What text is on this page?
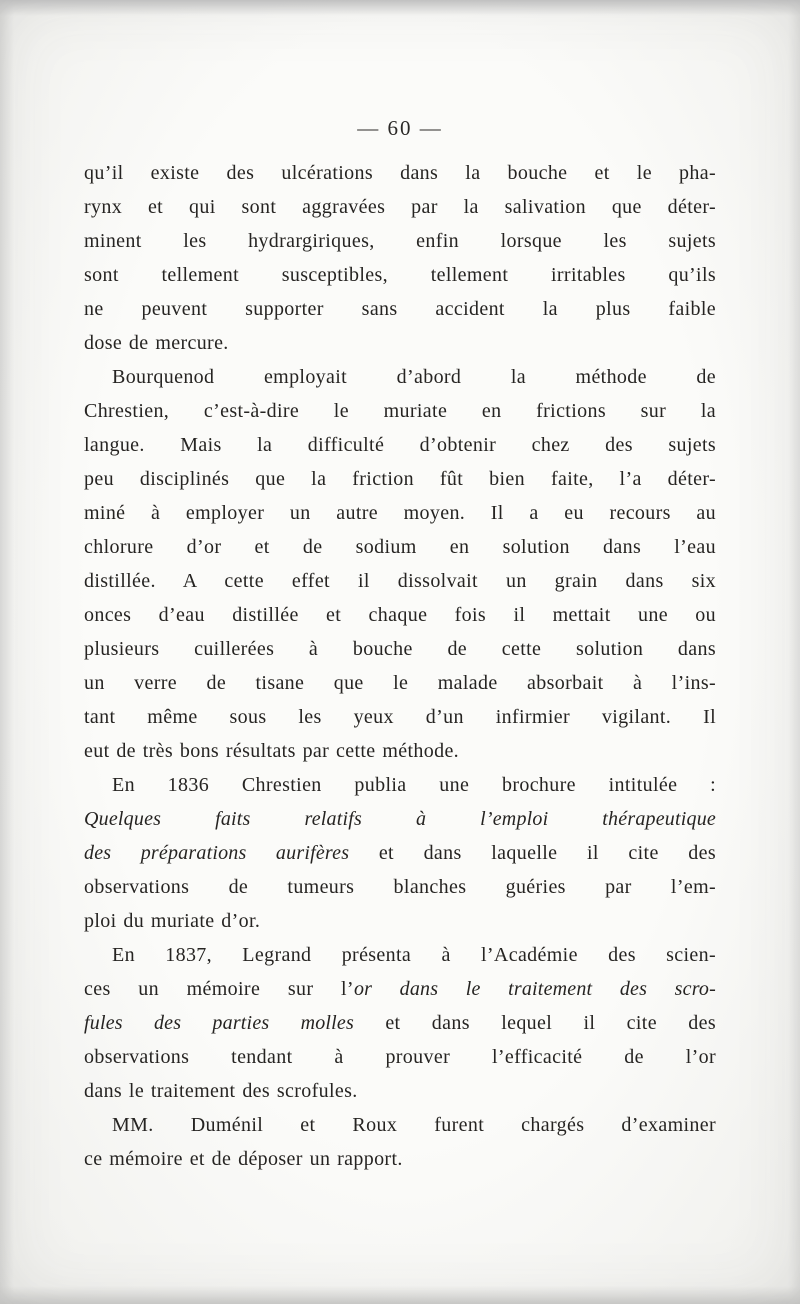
— 60 —

qu’il existe des ulcérations dans la bouche et le pha-
rynx et qui sont aggravées par la salivation que déter-
minent les hydrargiriques, enfin lorsque les sujets
sont tellement susceptibles, tellement irritables qu’ils
ne peuvent supporter sans accident la plus faible
dose de mercure.

Bourquenod employait d’abord la méthode de
Chrestien, c’est-à-dire le muriate en frictions sur la
langue. Mais la difficulté d’obtenir chez des sujets
peu disciplinés que la friction fût bien faite, l’a déter-
miné à employer un autre moyen. Il a eu recours au
chlorure d’or et de sodium en solution dans l’eau
distillée. A cette effet il dissolvait un grain dans six
onces d’eau distillée et chaque fois il mettait une ou
plusieurs cuillerées à bouche de cette solution dans
un verre de tisane que le malade absorbait à l’ins-
tant même sous les yeux d’un infirmier vigilant. Il
eut de très bons résultats par cette méthode.

En 1836 Chrestien publia une brochure intitulée :
Quelques faits relatifs à l’emploi thérapeutique
des préparations aurifères et dans laquelle il cite des
observations de tumeurs blanches guéries par l’em-
ploi du muriate d’or.

En 1837, Legrand présenta à l’Académie des scien-
ces un mémoire sur l’or dans le traitement des scro-
fules des parties molles et dans lequel il cite des
observations tendant à prouver l’efficacité de l’or
dans le traitement des scrofules.

MM. Duménil et Roux furent chargés d’examiner
ce mémoire et de déposer un rapport.
